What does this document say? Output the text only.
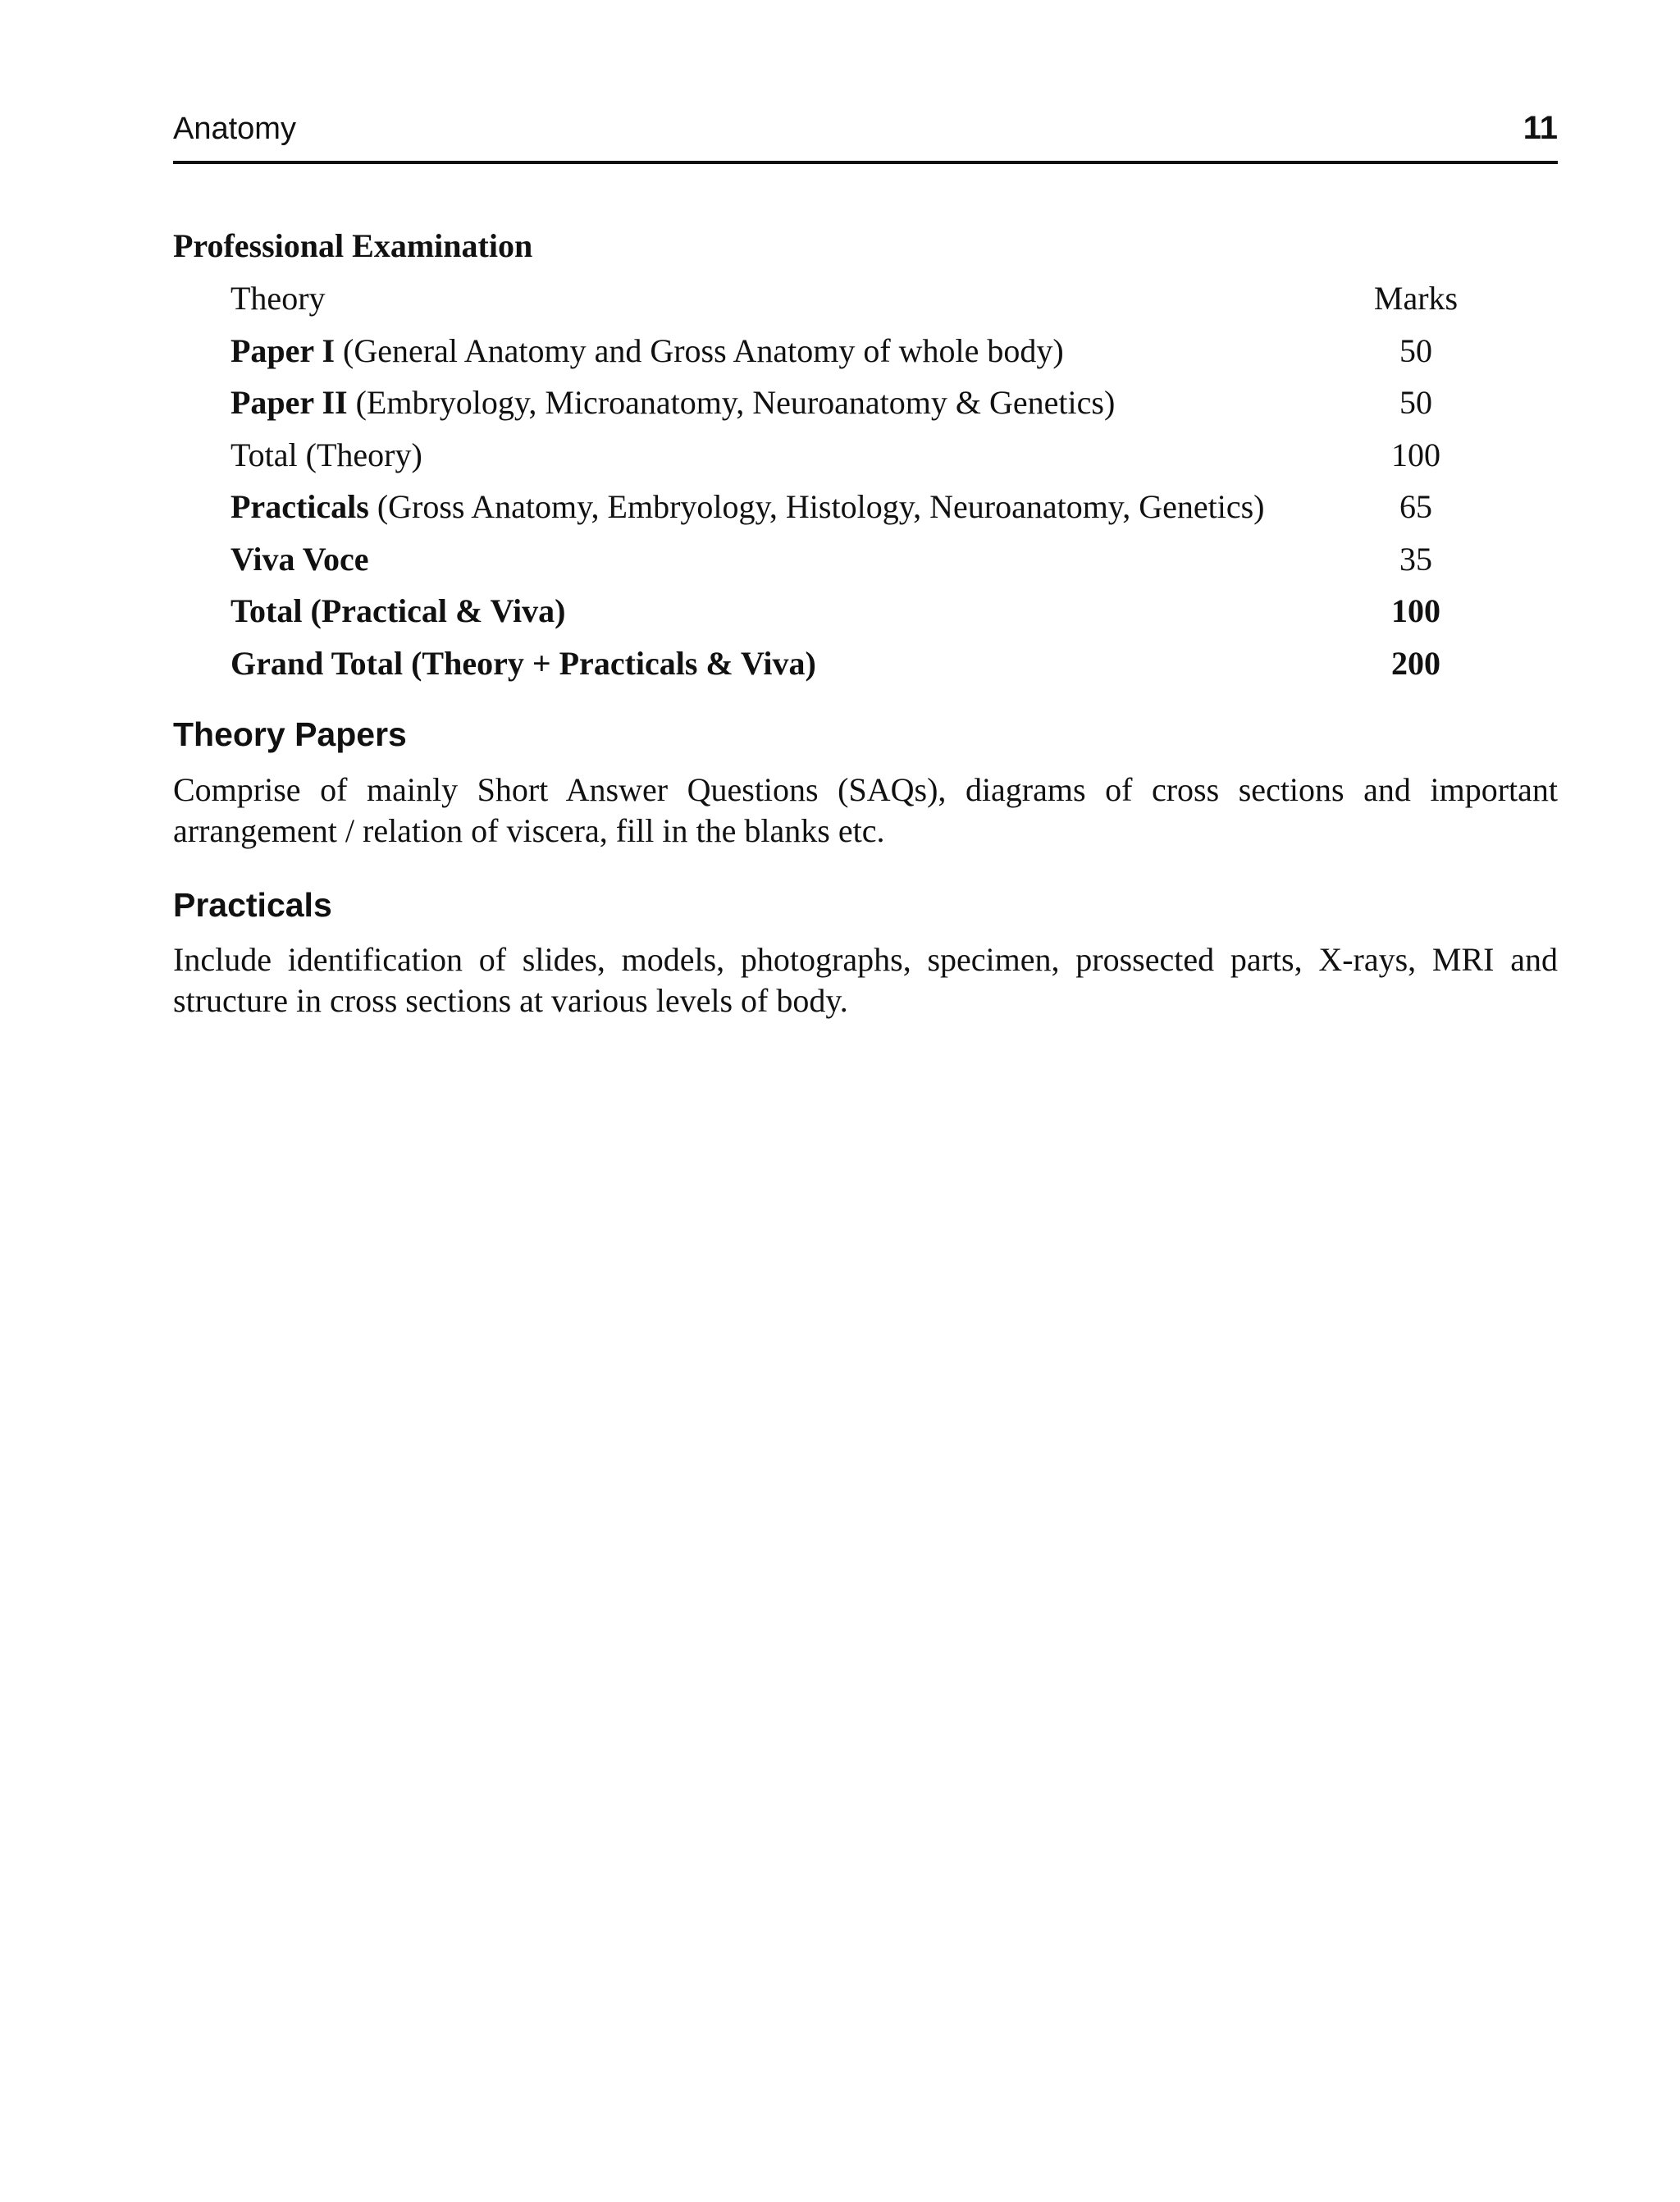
Anatomy	11
Professional Examination
Theory	Marks
Paper I (General Anatomy and Gross Anatomy of whole body)	50
Paper II (Embryology, Microanatomy, Neuroanatomy & Genetics)	50
Total (Theory)	100
Practicals (Gross Anatomy, Embryology, Histology, Neuroanatomy, Genetics)	65
Viva Voce	35
Total (Practical & Viva)	100
Grand Total (Theory + Practicals & Viva)	200
Theory Papers
Comprise of mainly Short Answer Questions (SAQs), diagrams of cross sections and important arrangement / relation of viscera, fill in the blanks etc.
Practicals
Include identification of slides, models, photographs, specimen, prossected parts, X-rays, MRI and structure in cross sections at various levels of body.
